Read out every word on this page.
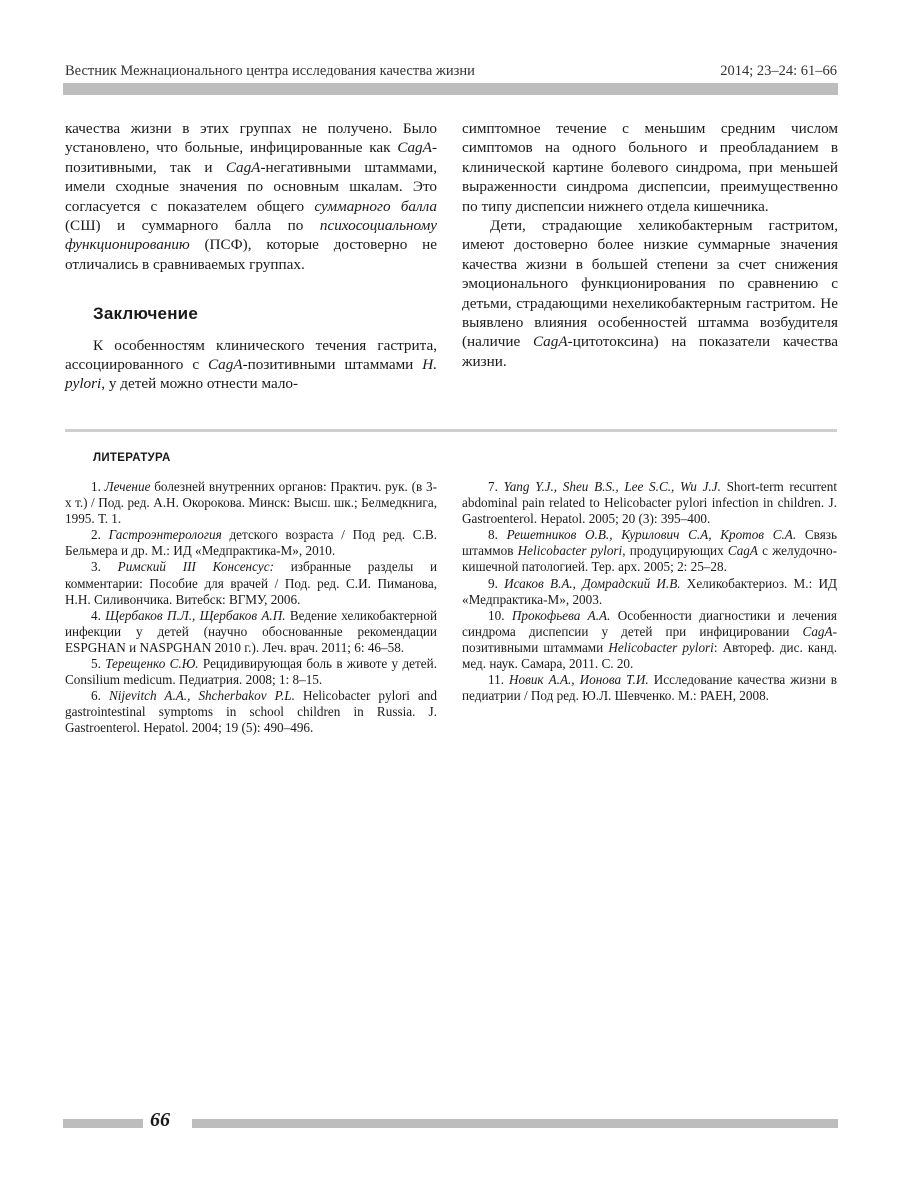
Вестник Межнационального центра исследования качества жизни	2014; 23–24: 61–66

качества жизни в этих группах не получено. Было установлено, что больные, инфицированные как CagA-позитивными, так и CagA-негативными штаммами, имели сходные значения по основным шкалам. Это согласуется с показателем общего суммарного балла (СШ) и суммарного балла по психосоциальному функционированию (ПСФ), которые достоверно не отличались в сравниваемых группах.

Заключение

К особенностям клинического течения гастрита, ассоциированного с CagA-позитивными штаммами H. pylori, у детей можно отнести мало-

симптомное течение с меньшим средним числом симптомов на одного больного и преобладанием в клинической картине болевого синдрома, при меньшей выраженности синдрома диспепсии, преимущественно по типу диспепсии нижнего отдела кишечника.

Дети, страдающие хеликобактерным гастритом, имеют достоверно более низкие суммарные значения качества жизни в большей степени за счет снижения эмоционального функционирования по сравнению с детьми, страдающими нехеликобактерным гастритом. Не выявлено влияния особенностей штамма возбудителя (наличие CagA-цитотоксина) на показатели качества жизни.

ЛИТЕРАТУРА

1. Лечение болезней внутренних органов: Практич. рук. (в 3-х т.) / Под. ред. А.Н. Окорокова. Минск: Высш. шк.; Белмедкнига, 1995. Т. 1.

2. Гастроэнтерология детского возраста / Под ред. С.В. Бельмера и др. М.: ИД «Медпрактика-М», 2010.

3. Римский III Консенсус: избранные разделы и комментарии: Пособие для врачей / Под. ред. С.И. Пиманова, Н.Н. Силивончика. Витебск: ВГМУ, 2006.

4. Щербаков П.Л., Щербаков А.П. Ведение хеликобактерной инфекции у детей (научно обоснованные рекомендации ESPGHAN и NASPGHAN 2010 г.). Леч. врач. 2011; 6: 46–58.

5. Терещенко С.Ю. Рецидивирующая боль в животе у детей. Consilium medicum. Педиатрия. 2008; 1: 8–15.

6. Nijevitch A.A., Shcherbakov P.L. Helicobacter pylori and gastrointestinal symptoms in school children in Russia. J. Gastroenterol. Hepatol. 2004; 19 (5): 490–496.

7. Yang Y.J., Sheu B.S., Lee S.C., Wu J.J. Short-term recurrent abdominal pain related to Helicobacter pylori infection in children. J. Gastroenterol. Hepatol. 2005; 20 (3): 395–400.

8. Решетников О.В., Курилович С.А, Кротов С.А. Связь штаммов Helicobacter pylori, продуцирующих CagA с желудочно-кишечной патологией. Тер. арх. 2005; 2: 25–28.

9. Исаков В.А., Домрадский И.В. Хеликобактериоз. М.: ИД «Медпрактика-М», 2003.

10. Прокофьева А.А. Особенности диагностики и лечения синдрома диспепсии у детей при инфицировании CagA-позитивными штаммами Helicobacter pylori: Автореф. дис. канд. мед. наук. Самара, 2011. С. 20.

11. Новик А.А., Ионова Т.И. Исследование качества жизни в педиатрии / Под ред. Ю.Л. Шевченко. М.: РАЕН, 2008.

66
